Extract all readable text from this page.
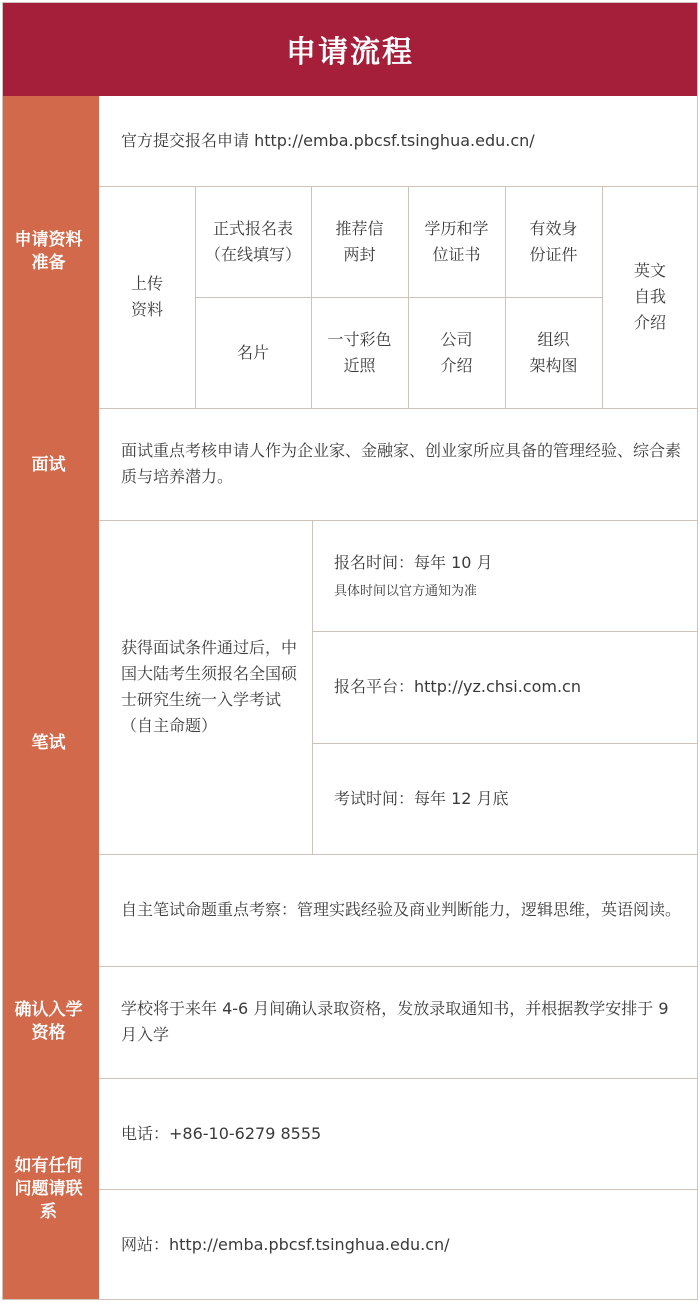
申请流程
申请资料准备
面试
笔试
确认入学资格
如有任何问题请联系
官方提交报名申请 http://emba.pbcsf.tsinghua.edu.cn/
上传
资料
正式报名表
（在线填写）
推荐信
两封
学历和学
位证书
有效身
份证件
名片
一寸彩色
近照
公司
介绍
组织
架构图
英文
自我
介绍
面试重点考核申请人作为企业家、金融家、创业家所应具备的管理经验、综合素质与培养潜力。
获得面试条件通过后，中国大陆考生须报名全国硕士研究生统一入学考试（自主命题）
报名时间：每年 10 月
具体时间以官方通知为准
报名平台：http://yz.chsi.com.cn
考试时间：每年 12 月底
自主笔试命题重点考察：管理实践经验及商业判断能力，逻辑思维，英语阅读。
学校将于来年 4-6 月间确认录取资格，发放录取通知书，并根据教学安排于 9 月入学
电话：+86-10-6279 8555
网站：http://emba.pbcsf.tsinghua.edu.cn/
